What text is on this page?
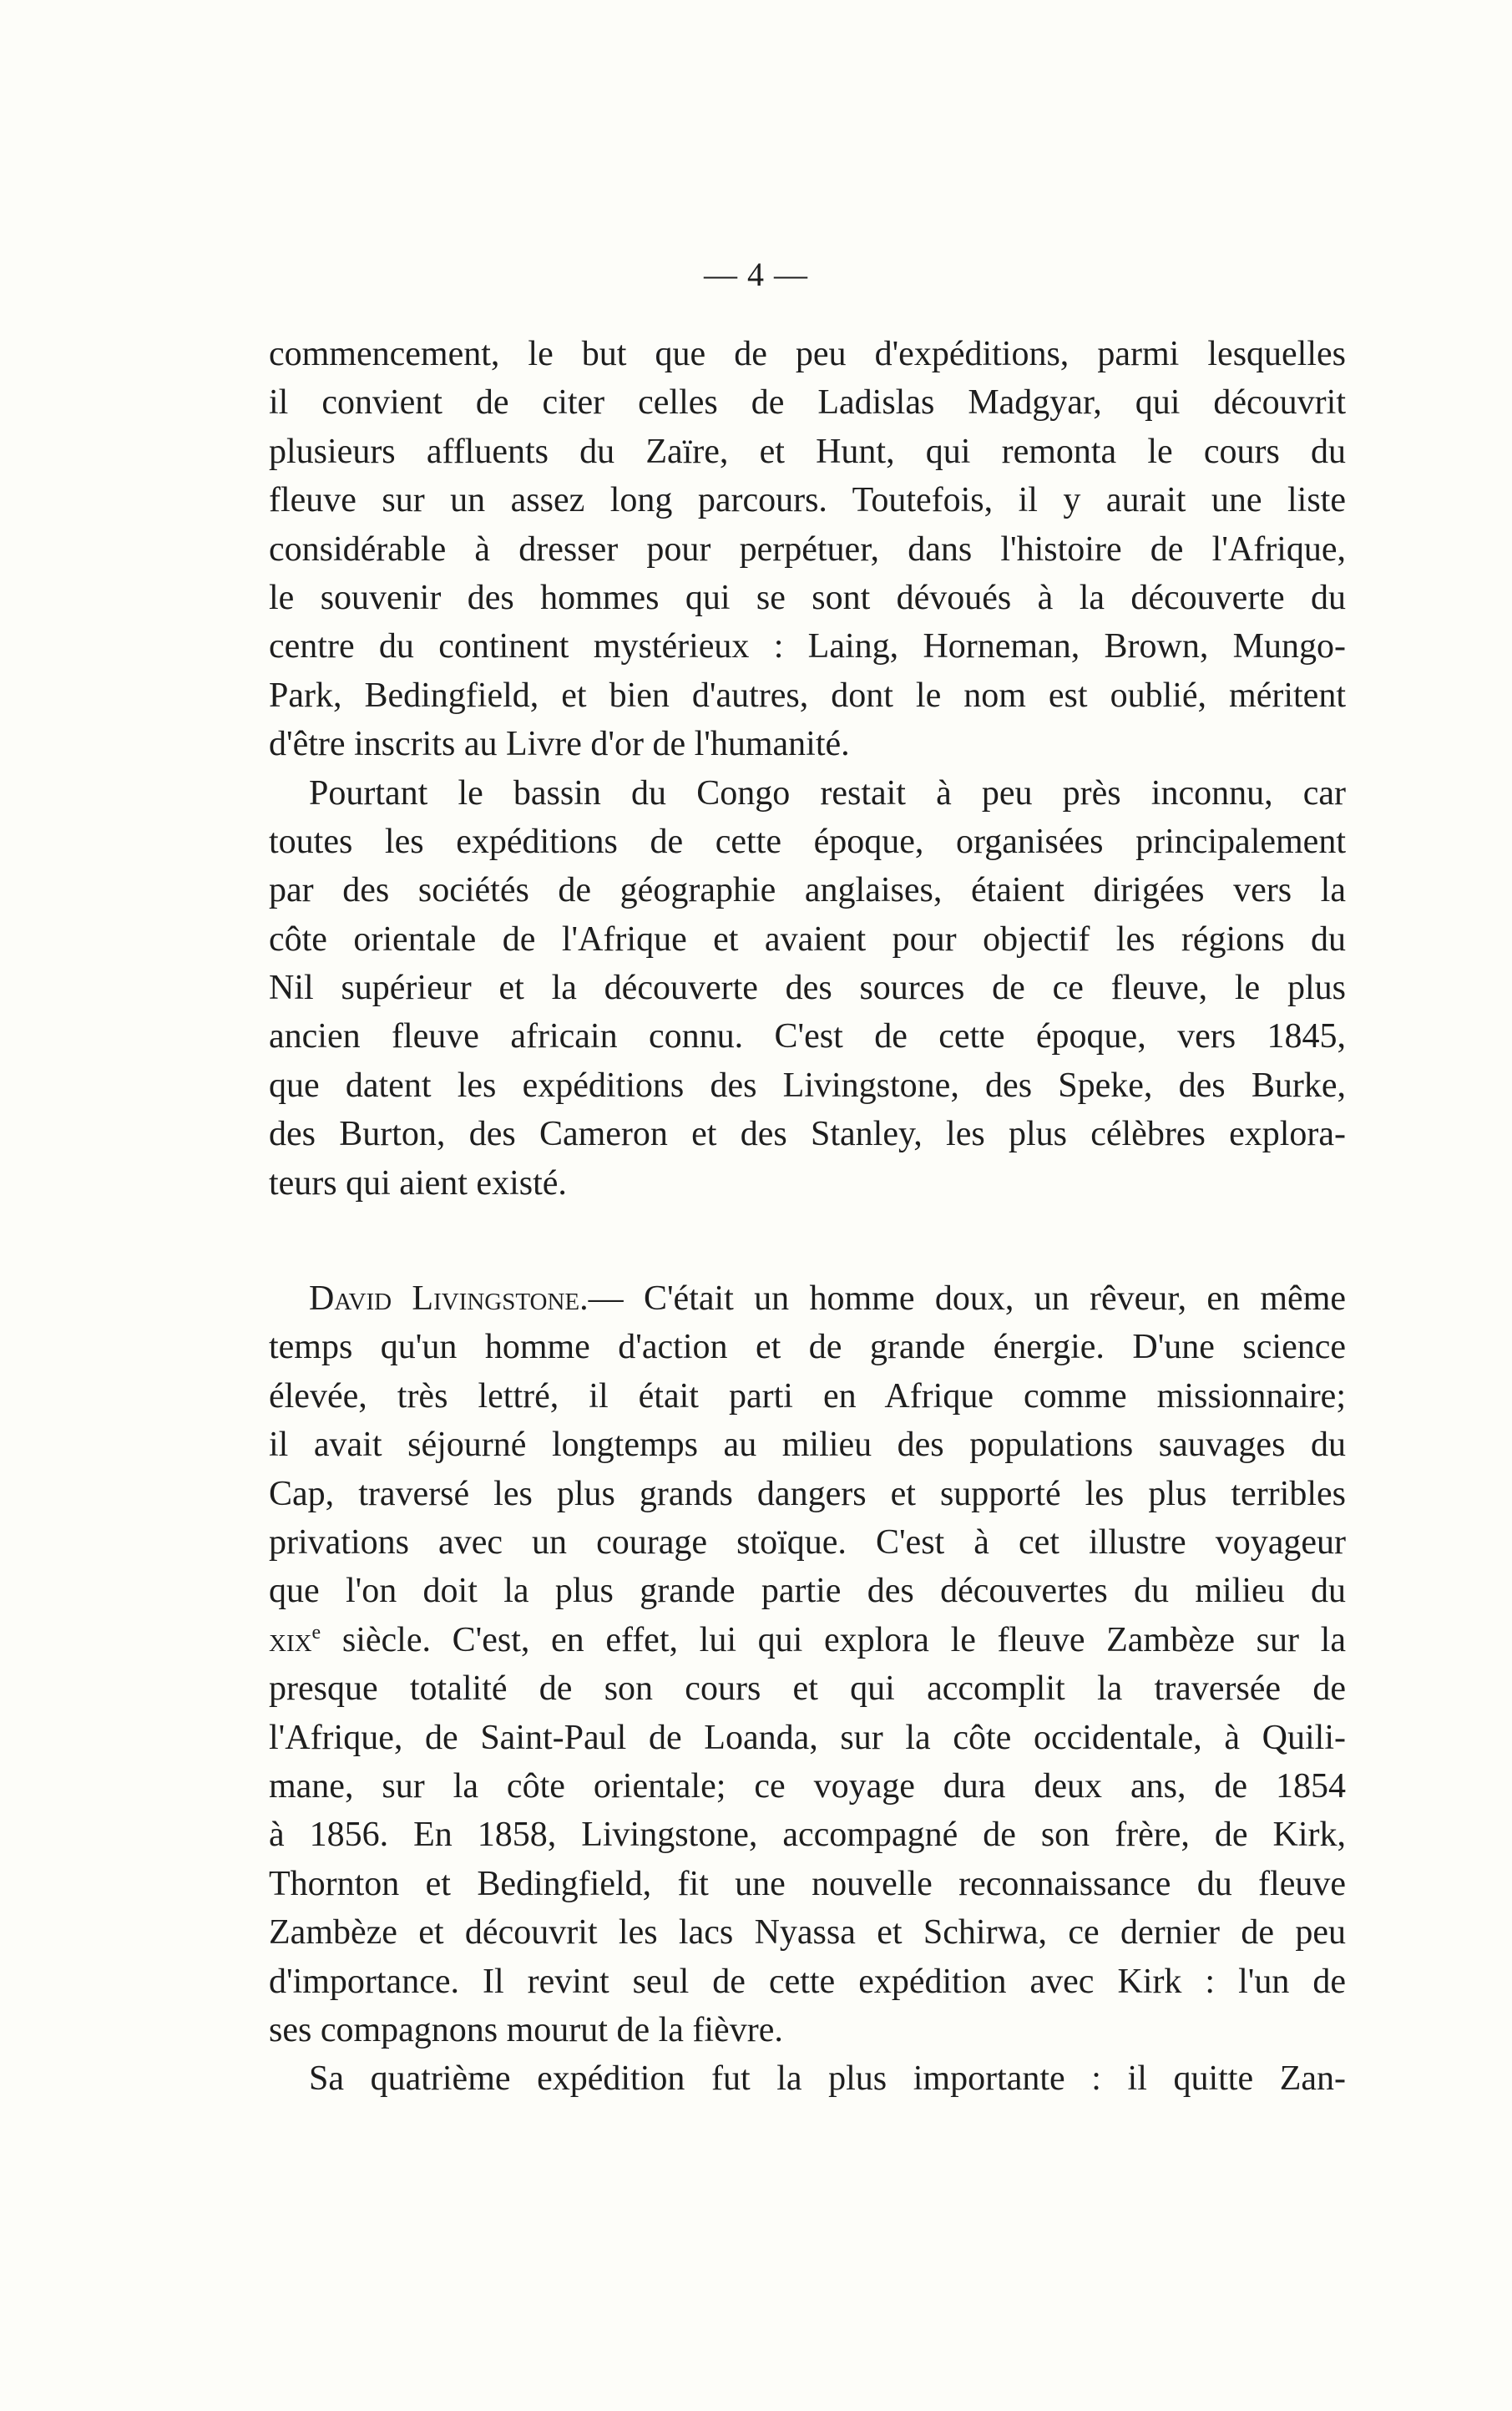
— 4 —
commencement, le but que de peu d'expéditions, parmi lesquelles
il convient de citer celles de Ladislas Madgyar, qui découvrit
plusieurs affluents du Zaïre, et Hunt, qui remonta le cours du
fleuve sur un assez long parcours. Toutefois, il y aurait une liste
considérable à dresser pour perpétuer, dans l'histoire de l'Afrique,
le souvenir des hommes qui se sont dévoués à la découverte du
centre du continent mystérieux : Laing, Horneman, Brown, Mungo-
Park, Bedingfield, et bien d'autres, dont le nom est oublié, méritent
d'être inscrits au Livre d'or de l'humanité.
Pourtant le bassin du Congo restait à peu près inconnu, car
toutes les expéditions de cette époque, organisées principalement
par des sociétés de géographie anglaises, étaient dirigées vers la
côte orientale de l'Afrique et avaient pour objectif les régions du
Nil supérieur et la découverte des sources de ce fleuve, le plus
ancien fleuve africain connu. C'est de cette époque, vers 1845,
que datent les expéditions des Livingstone, des Speke, des Burke,
des Burton, des Cameron et des Stanley, les plus célèbres explora-
teurs qui aient existé.
David Livingstone.— C'était un homme doux, un rêveur, en même
temps qu'un homme d'action et de grande énergie. D'une science
élevée, très lettré, il était parti en Afrique comme missionnaire;
il avait séjourné longtemps au milieu des populations sauvages du
Cap, traversé les plus grands dangers et supporté les plus terribles
privations avec un courage stoïque. C'est à cet illustre voyageur
que l'on doit la plus grande partie des découvertes du milieu du
xix$^e$ siècle. C'est, en effet, lui qui explora le fleuve Zambèze sur la
presque totalité de son cours et qui accomplit la traversée de
l'Afrique, de Saint-Paul de Loanda, sur la côte occidentale, à Quili-
mane, sur la côte orientale; ce voyage dura deux ans, de 1854
à 1856. En 1858, Livingstone, accompagné de son frère, de Kirk,
Thornton et Bedingfield, fit une nouvelle reconnaissance du fleuve
Zambèze et découvrit les lacs Nyassa et Schirwa, ce dernier de peu
d'importance. Il revint seul de cette expédition avec Kirk : l'un de
ses compagnons mourut de la fièvre.
Sa quatrième expédition fut la plus importante : il quitte Zan-
